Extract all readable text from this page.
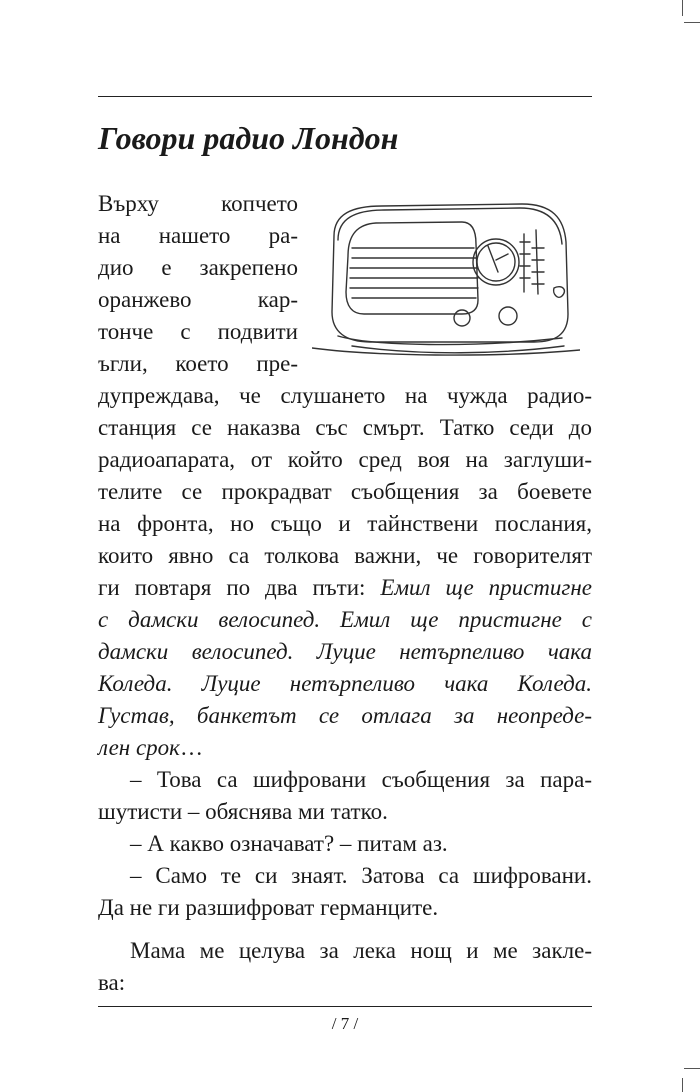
Говори радио Лондон
Върху копчето
на нашето ра-
дио е закрепено
оранжево кар-
тонче с подвити
ъгли, което пре-
дупреждава, че слушането на чужда радио-
станция се наказва със смърт. Татко седи до
радиоапарата, от който сред воя на заглуши-
телите се прокрадват съобщения за боевете
на фронта, но също и тайнствени послания,
които явно са толкова важни, че говорителят
ги повтаря по два пъти: Емил ще пристигне
с дамски велосипед. Емил ще пристигне с
дамски велосипед. Луцие нетърпеливо чака
Коледа. Луцие нетърпеливо чака Коледа.
Густав, банкетът се отлага за неопреде-
лен срок…
– Това са шифровани съобщения за пара-
шутисти – обяснява ми татко.
– А какво означават? – питам аз.
– Само те си знаят. Затова са шифровани.
Да не ги разшифроват германците.
Мама ме целува за лека нощ и ме закле-
ва:
/ 7 /
